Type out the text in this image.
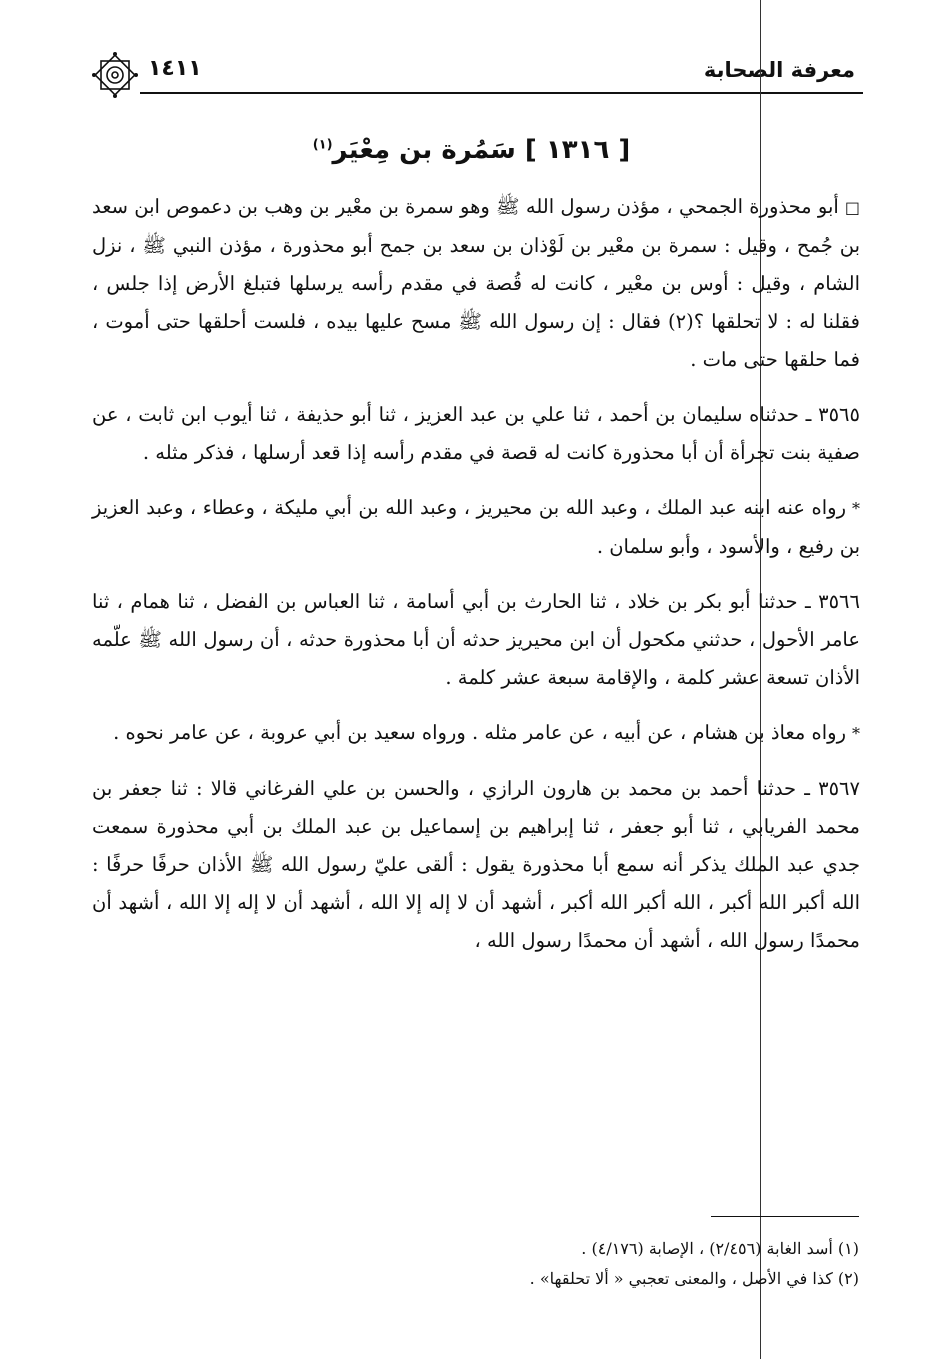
معرفة الصحابة
١٤١١
[ ١٣١٦ ] سَمُرة بن مِعْيَر$^{(١)}$

□أبو محذورة الجمحي ، مؤذن رسول الله ﷺ وهو سمرة بن معْير بن وهب بن دعموص ابن سعد بن جُمح ، وقيل : سمرة بن معْير بن لَوْذان بن سعد بن جمح أبو محذورة ، مؤذن النبي ﷺ ، نزل الشام ، وقيل : أوس بن معْير ، كانت له قُصة في مقدم رأسه يرسلها فتبلغ الأرض إذا جلس ، فقلنا له : لا تحلقها ؟(٢) فقال : إن رسول الله ﷺ مسح عليها بيده ، فلست أحلقها حتى أموت ، فما حلقها حتى مات .

٣٥٦٥ ـ حدثناه سليمان بن أحمد ، ثنا علي بن عبد العزيز ، ثنا أبو حذيفة ، ثنا أيوب ابن ثابت ، عن صفية بنت تجرأة أن أبا محذورة كانت له قصة في مقدم رأسه إذا قعد أرسلها ، فذكر مثله .

*رواه عنه ابنه عبد الملك ، وعبد الله بن محيريز ، وعبد الله بن أبي مليكة ، وعطاء ، وعبد العزيز بن رفيع ، والأسود ، وأبو سلمان .

٣٥٦٦ ـ حدثنا أبو بكر بن خلاد ، ثنا الحارث بن أبي أسامة ، ثنا العباس بن الفضل ، ثنا همام ، ثنا عامر الأحول ، حدثني مكحول أن ابن محيريز حدثه أن أبا محذورة حدثه ، أن رسول الله ﷺ علّمه الأذان تسعة عشر كلمة ، والإقامة سبعة عشر كلمة .

*رواه معاذ بن هشام ، عن أبيه ، عن عامر مثله . ورواه سعيد بن أبي عروبة ، عن عامر نحوه .

٣٥٦٧ ـ حدثنا أحمد بن محمد بن هارون الرازي ، والحسن بن علي الفرغاني قالا : ثنا جعفر بن محمد الفريابي ، ثنا أبو جعفر ، ثنا إبراهيم بن إسماعيل بن عبد الملك بن أبي محذورة سمعت جدي عبد الملك يذكر أنه سمع أبا محذورة يقول : ألقى عليّ رسول الله ﷺ الأذان حرفًا حرفًا : الله أكبر الله أكبر ، الله أكبر الله أكبر ، أشهد أن لا إله إلا الله ، أشهد أن لا إله إلا الله ، أشهد أن محمدًا رسول الله ، أشهد أن محمدًا رسول الله ،

(١) أسد الغابة (٢/٤٥٦) ، الإصابة (٤/١٧٦) .
(٢) كذا في الأصل ، والمعنى تعجبي « ألا تحلقها» .
